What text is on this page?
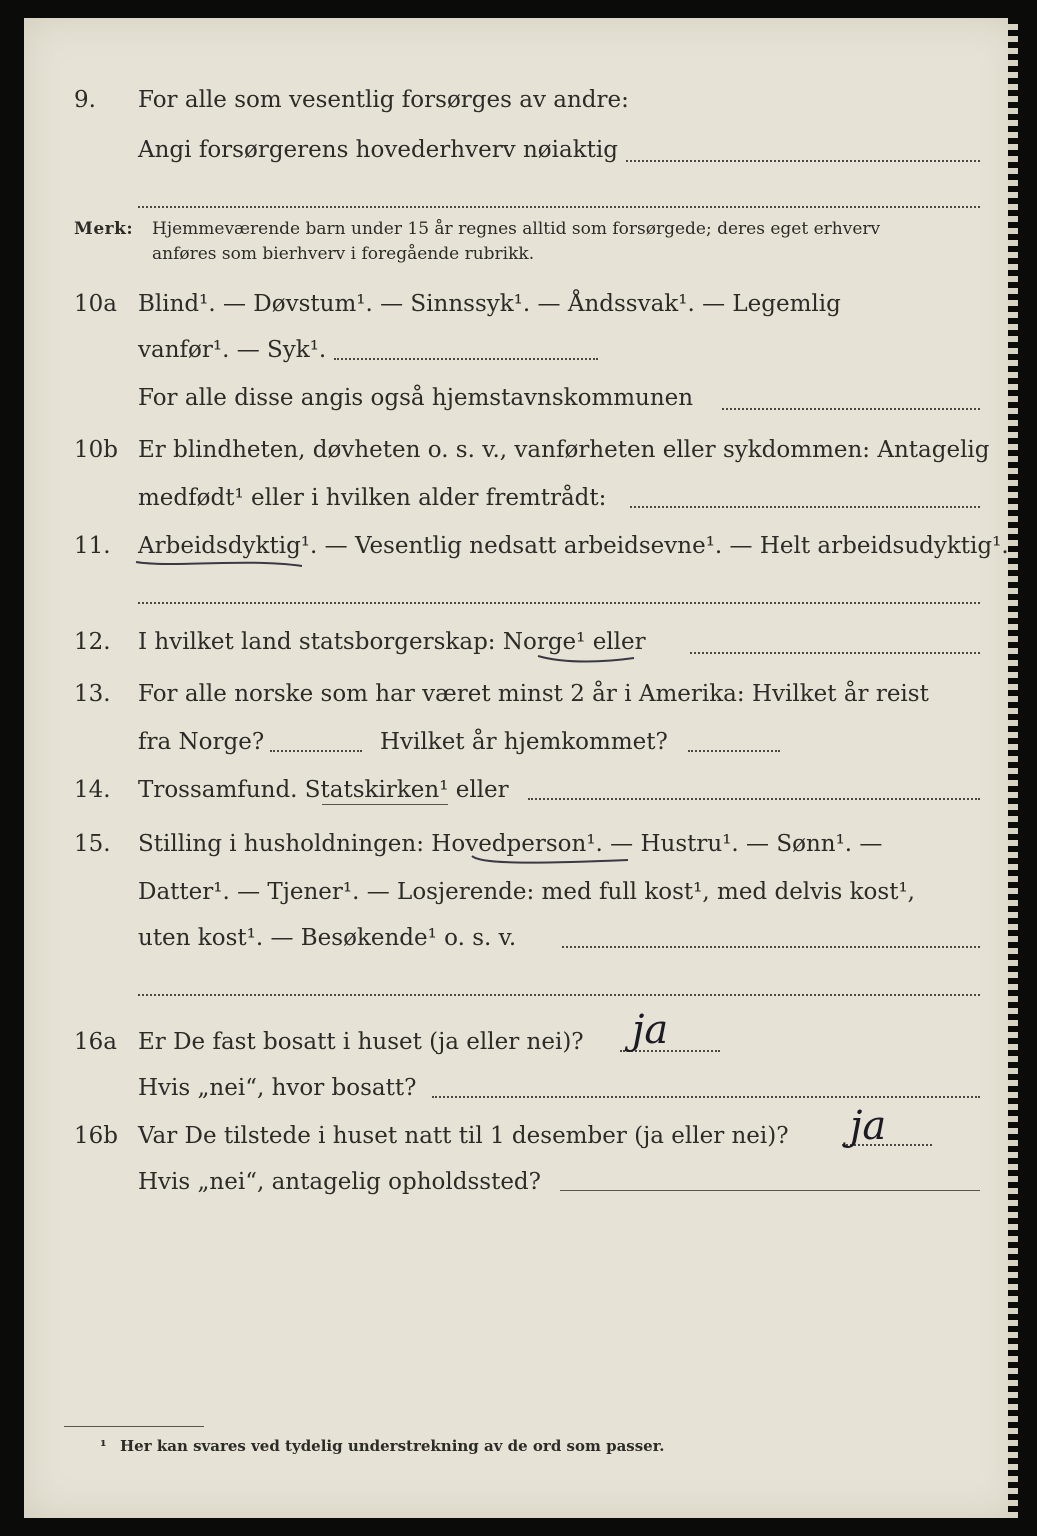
9. For alle som vesentlig forsørges av andre:
Angi forsørgerens hovederhverv nøiaktig
Merk: Hjemmeværende barn under 15 år regnes alltid som forsørgede; deres eget erhverv
anføres som bierhverv i foregående rubrikk.
10a Blind¹. — Døvstum¹. — Sinnssyk¹. — Åndssvak¹. — Legemlig
vanfør¹. — Syk¹.
For alle disse angis også hjemstavnskommunen
10b Er blindheten, døvheten o. s. v., vanførheten eller sykdommen: Antagelig
medfødt¹ eller i hvilken alder fremtrådt:
11. Arbeidsdyktig¹. — Vesentlig nedsatt arbeidsevne¹. — Helt arbeidsudyktig¹.
12. I hvilket land statsborgerskap: Norge¹ eller
13. For alle norske som har været minst 2 år i Amerika: Hvilket år reist
fra Norge?	Hvilket år hjemkommet?
14. Trossamfund. Statskirken¹ eller
15. Stilling i husholdningen: Hovedperson¹. — Hustru¹. — Sønn¹. —
Datter¹. — Tjener¹. — Losjerende: med full kost¹, med delvis kost¹,
uten kost¹. — Besøkende¹ o. s. v.
16a Er De fast bosatt i huset (ja eller nei)? ja
Hvis „nei“, hvor bosatt?
16b Var De tilstede i huset natt til 1 desember (ja eller nei)? ja
Hvis „nei“, antagelig opholdssted?
¹ Her kan svares ved tydelig understrekning av de ord som passer.
